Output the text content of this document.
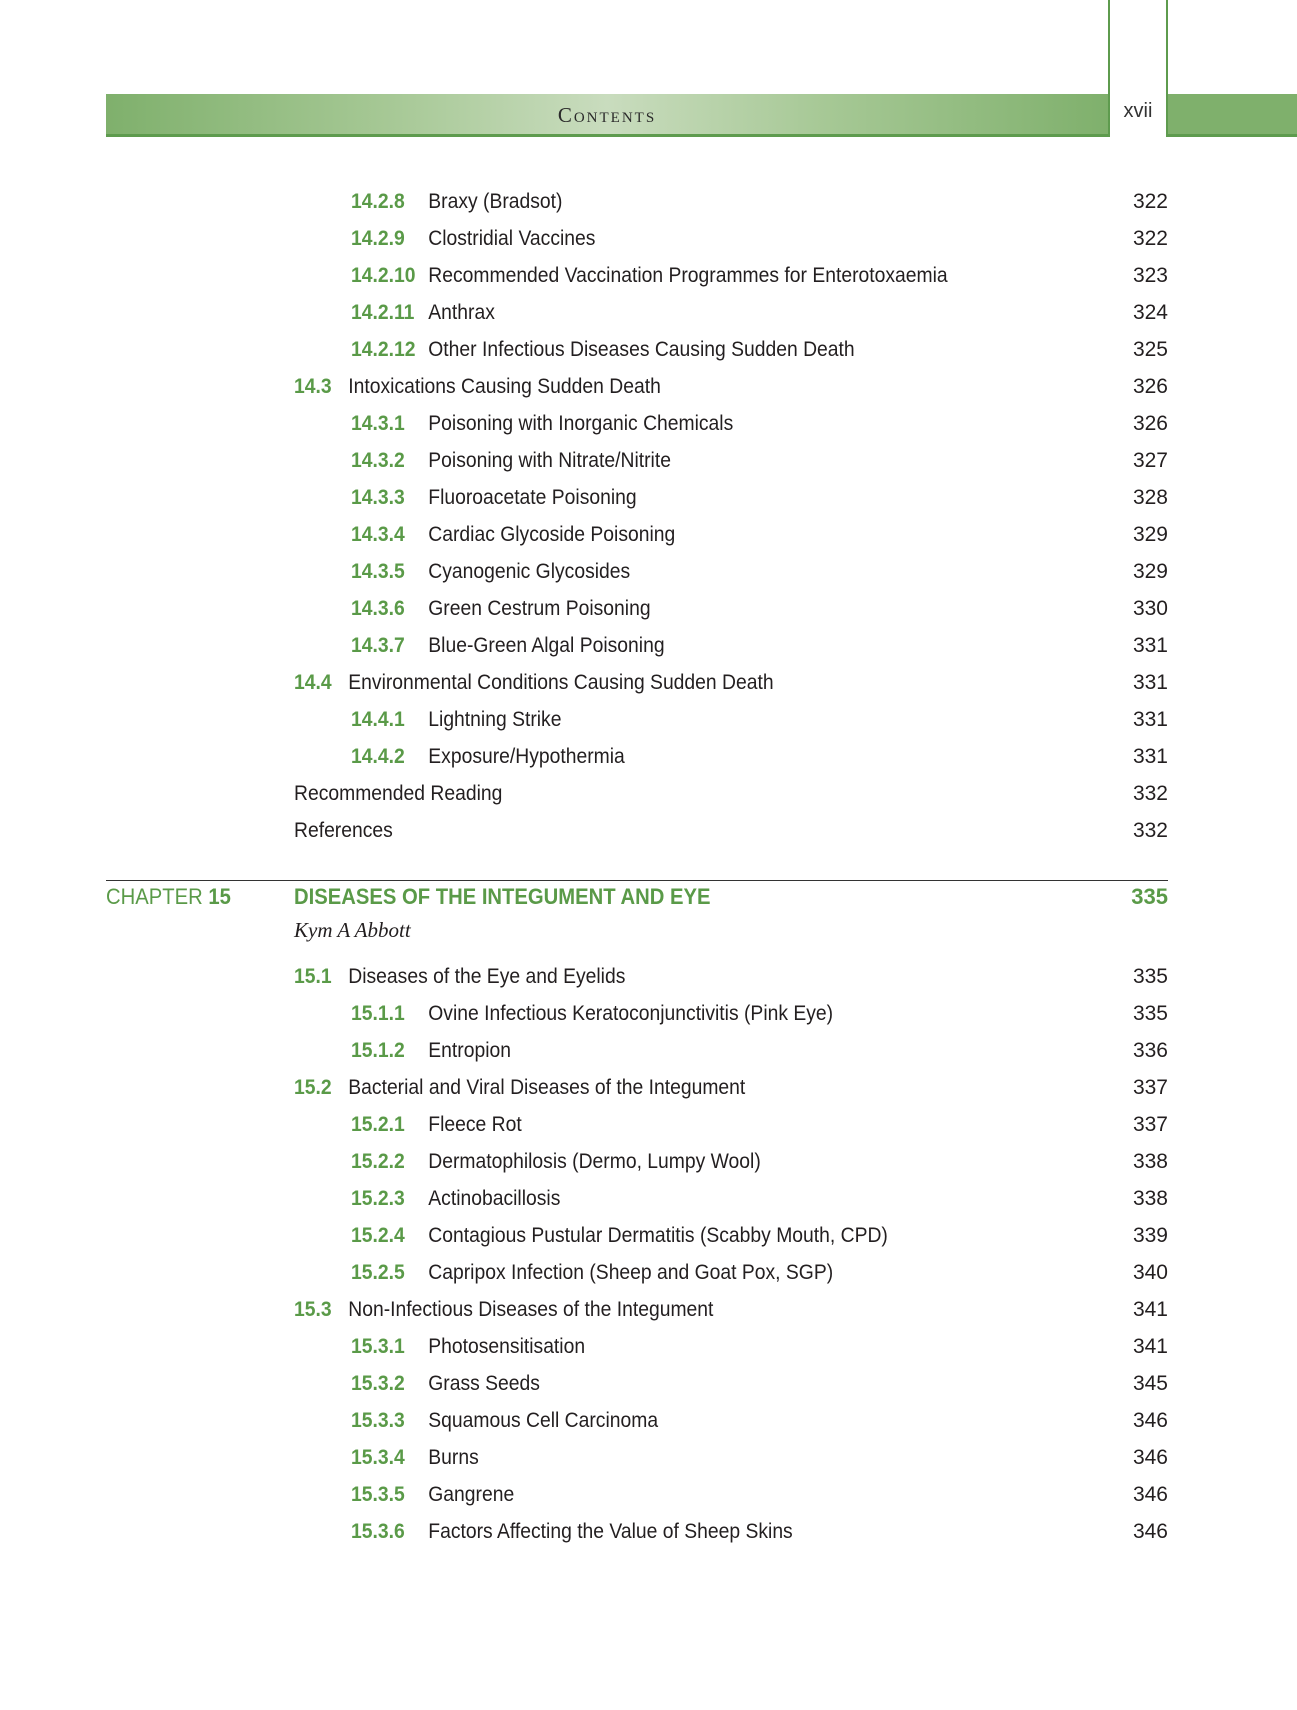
Contents	xvii
14.2.8 Braxy (Bradsot)	322
14.2.9 Clostridial Vaccines	322
14.2.10 Recommended Vaccination Programmes for Enterotoxaemia	323
14.2.11 Anthrax	324
14.2.12 Other Infectious Diseases Causing Sudden Death	325
14.3 Intoxications Causing Sudden Death	326
14.3.1 Poisoning with Inorganic Chemicals	326
14.3.2 Poisoning with Nitrate/Nitrite	327
14.3.3 Fluoroacetate Poisoning	328
14.3.4 Cardiac Glycoside Poisoning	329
14.3.5 Cyanogenic Glycosides	329
14.3.6 Green Cestrum Poisoning	330
14.3.7 Blue-Green Algal Poisoning	331
14.4 Environmental Conditions Causing Sudden Death	331
14.4.1 Lightning Strike	331
14.4.2 Exposure/Hypothermia	331
Recommended Reading	332
References	332
CHAPTER 15	DISEASES OF THE INTEGUMENT AND EYE	335
Kym A Abbott
15.1 Diseases of the Eye and Eyelids	335
15.1.1 Ovine Infectious Keratoconjunctivitis (Pink Eye)	335
15.1.2 Entropion	336
15.2 Bacterial and Viral Diseases of the Integument	337
15.2.1 Fleece Rot	337
15.2.2 Dermatophilosis (Dermo, Lumpy Wool)	338
15.2.3 Actinobacillosis	338
15.2.4 Contagious Pustular Dermatitis (Scabby Mouth, CPD)	339
15.2.5 Capripox Infection (Sheep and Goat Pox, SGP)	340
15.3 Non-Infectious Diseases of the Integument	341
15.3.1 Photosensitisation	341
15.3.2 Grass Seeds	345
15.3.3 Squamous Cell Carcinoma	346
15.3.4 Burns	346
15.3.5 Gangrene	346
15.3.6 Factors Affecting the Value of Sheep Skins	346
